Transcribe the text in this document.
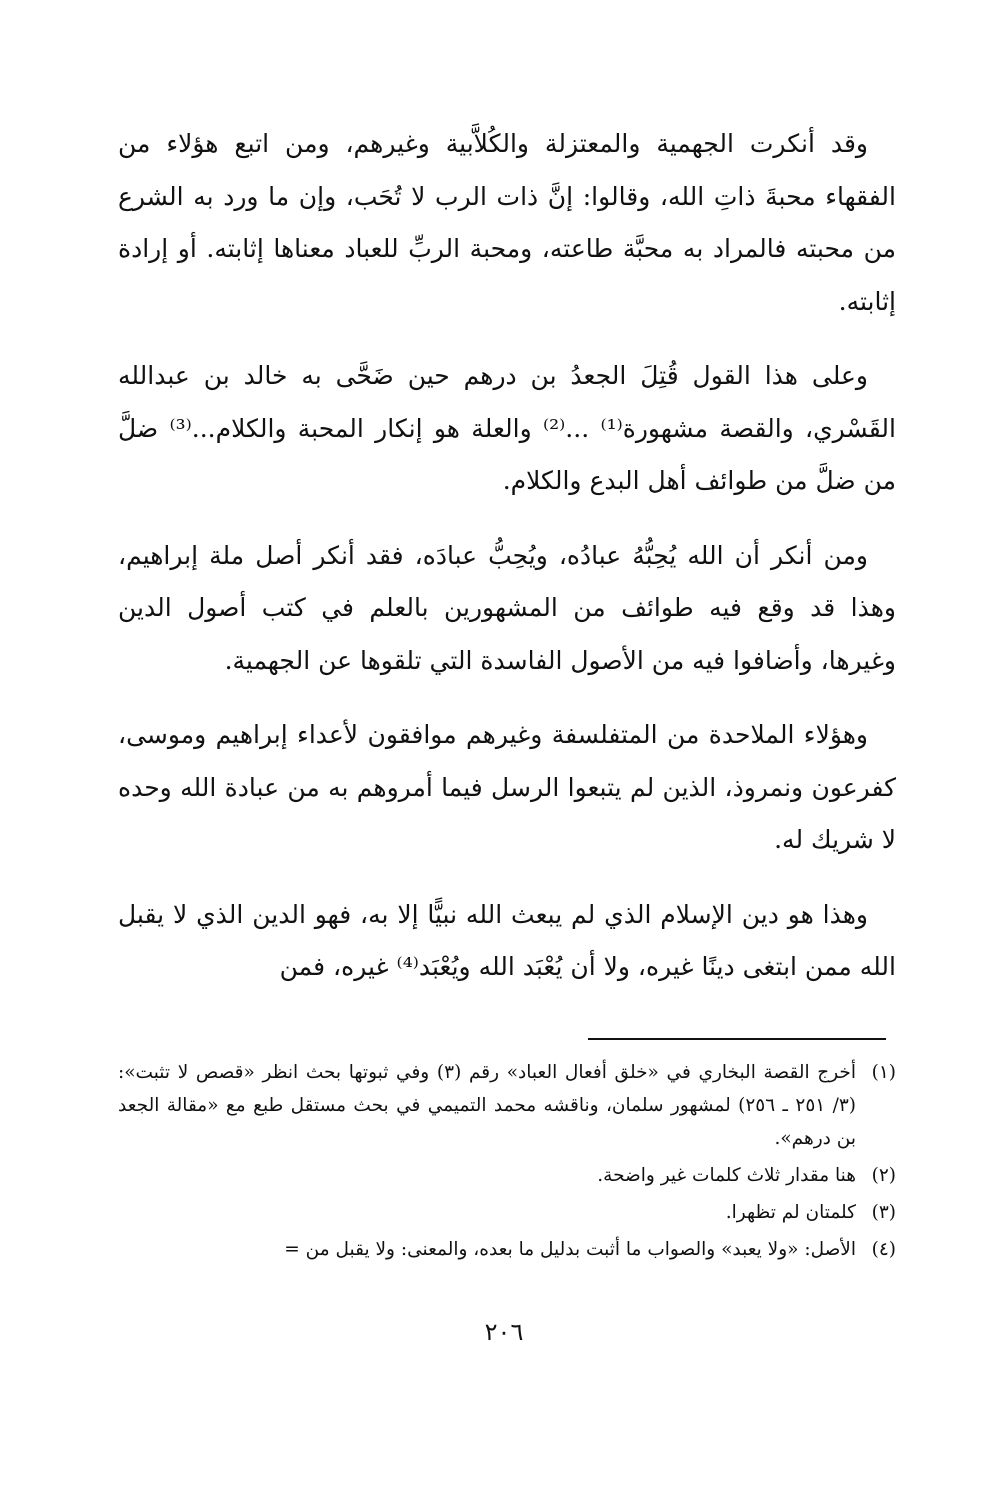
وقد أنكرت الجهمية والمعتزلة والكُلاَّبية وغيرهم، ومن اتبع هؤلاء من الفقهاء محبةَ ذاتِ الله، وقالوا: إنَّ ذات الرب لا تُحَب، وإن ما ورد به الشرع من محبته فالمراد به محبَّة طاعته، ومحبة الربِّ للعباد معناها إثابته. أو إرادة إثابته.

وعلى هذا القول قُتِلَ الجعدُ بن درهم حين ضَحَّى به خالد بن عبدالله القَسْري، والقصة مشهورة⁽¹⁾ ...⁽²⁾ والعلة هو إنكار المحبة والكلام...⁽³⁾ ضلَّ من ضلَّ من طوائف أهل البدع والكلام.

ومن أنكر أن الله يُحِبُّهُ عبادُه، ويُحِبُّ عبادَه، فقد أنكر أصل ملة إبراهيم، وهذا قد وقع فيه طوائف من المشهورين بالعلم في كتب أصول الدين وغيرها، وأضافوا فيه من الأصول الفاسدة التي تلقوها عن الجهمية.

وهؤلاء الملاحدة من المتفلسفة وغيرهم موافقون لأعداء إبراهيم وموسى، كفرعون ونمروذ، الذين لم يتبعوا الرسل فيما أمروهم به من عبادة الله وحده لا شريك له.

وهذا هو دين الإسلام الذي لم يبعث الله نبيًّا إلا به، فهو الدين الذي لا يقبل الله ممن ابتغى دينًا غيره، ولا أن يُعْبَد الله ويُعْبَد⁽⁴⁾ غيره، فمن

(١)
أخرج القصة البخاري في «خلق أفعال العباد» رقم (٣) وفي ثبوتها بحث انظر «قصص لا تثبت»: (٣/ ٢٥١ ـ ٢٥٦) لمشهور سلمان، وناقشه محمد التميمي في بحث مستقل طبع مع «مقالة الجعد بن درهم».
(٢)
هنا مقدار ثلاث كلمات غير واضحة.
(٣)
كلمتان لم تظهرا.
(٤)
الأصل: «ولا يعبد» والصواب ما أثبت بدليل ما بعده، والمعنى: ولا يقبل من =
٢٠٦
